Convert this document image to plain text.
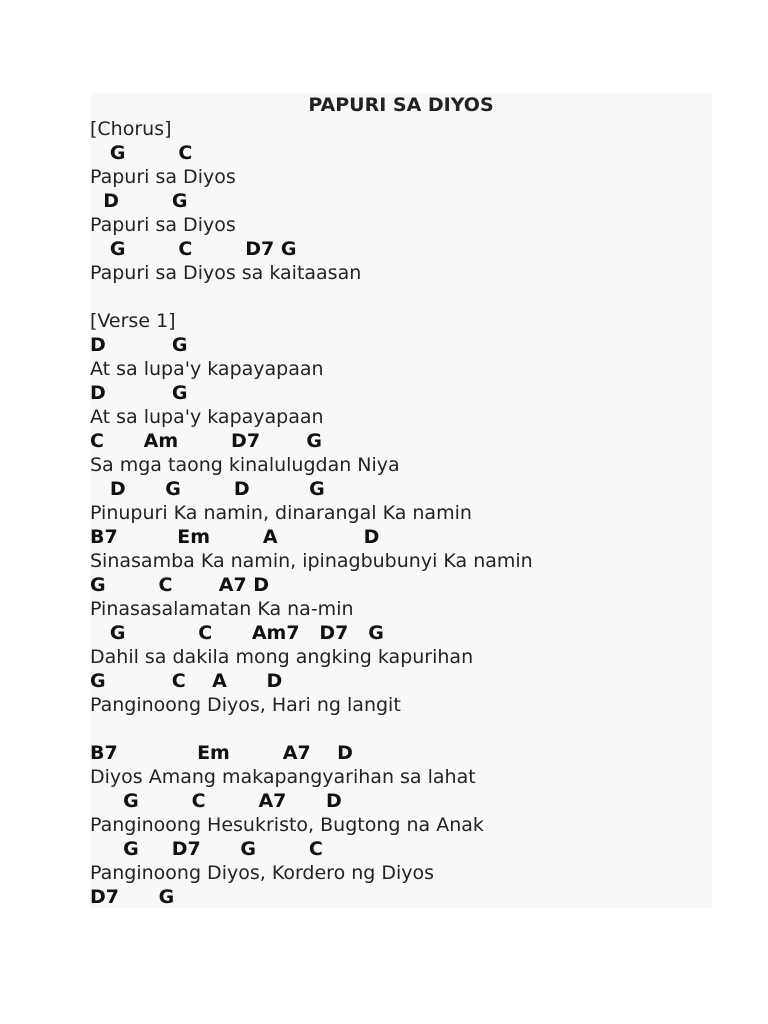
PAPURI SA DIYOS
[Chorus]
G        C
Papuri sa Diyos
D        G
Papuri sa Diyos
G        C        D7 G
Papuri sa Diyos sa kaitaasan
[Verse 1]
D          G
At sa lupa'y kapayapaan
D          G
At sa lupa'y kapayapaan
C      Am        D7       G
Sa mga taong kinalulugdan Niya
D      G        D         G
Pinupuri Ka namin, dinarangal Ka namin
B7         Em        A             D
Sinasamba Ka namin, ipinagbubunyi Ka namin
G        C       A7 D
Pinasasalamatan Ka na-min
G           C      Am7   D7   G
Dahil sa dakila mong angking kapurihan
G          C    A      D
Panginoong Diyos, Hari ng langit
B7            Em        A7    D
Diyos Amang makapangyarihan sa lahat
G        C        A7      D
Panginoong Hesukristo, Bugtong na Anak
G     D7      G        C
Panginoong Diyos, Kordero ng Diyos
D7      G
